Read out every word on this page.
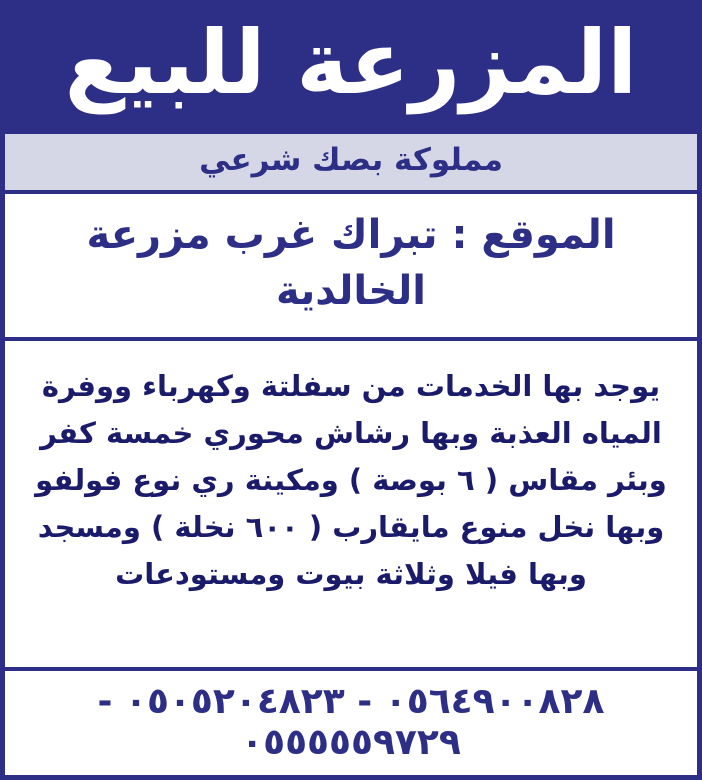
المزرعة للبيع
مملوكة بصك شرعي
الموقع : تبراك غرب مزرعة الخالدية
يوجد بها الخدمات من سفلتة وكهرباء ووفرة
المياه العذبة وبها رشاش محوري خمسة كفر
وبئر مقاس ( ٦ بوصة ) ومكينة ري نوع فولفو
وبها نخل منوع مايقارب ( ٦٠٠ نخلة ) ومسجد
وبها فيلا وثلاثة بيوت ومستودعات
٠٥٦٤٩٠٠٨٢٨ - ٠٥٠٥٢٠٤٨٢٣ - ٠٥٥٥٥٥٩٧٢٩
